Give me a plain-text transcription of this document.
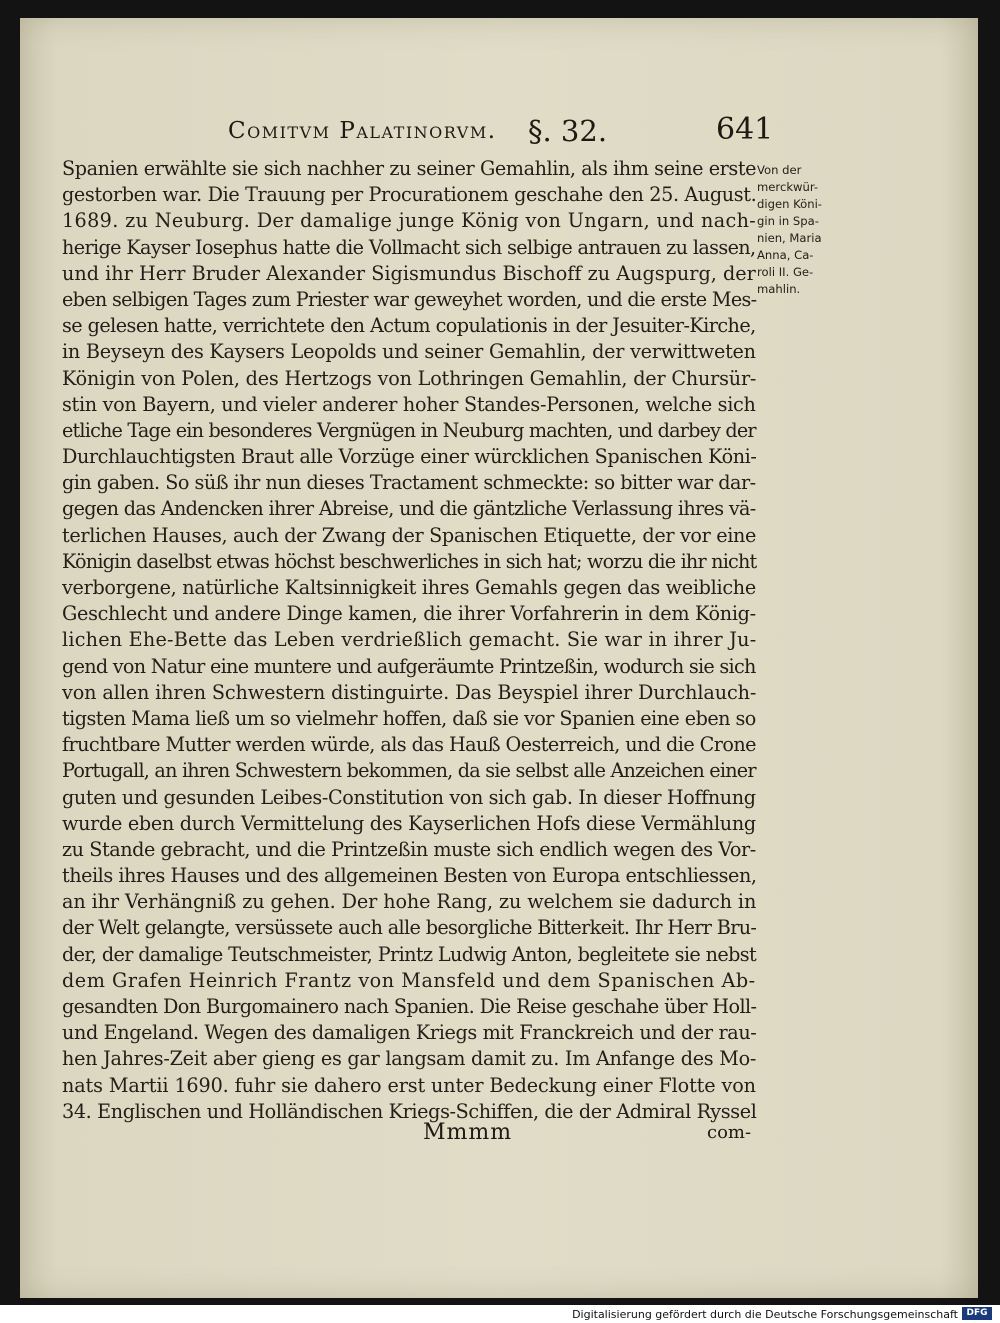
Comitvm Palatinorvm. §. 32.	641
Spanien erwählte sie sich nachher zu seiner Gemahlin, als ihm seine erste
gestorben war. Die Trauung per Procurationem geschahe den 25. August.
1689. zu Neuburg. Der damalige junge König von Ungarn, und nach-
herige Kayser Iosephus hatte die Vollmacht sich selbige antrauen zu lassen,
und ihr Herr Bruder Alexander Sigismundus Bischoff zu Augspurg, der
eben selbigen Tages zum Priester war geweyhet worden, und die erste Mes-
se gelesen hatte, verrichtete den Actum copulationis in der Jesuiter-Kirche,
in Beyseyn des Kaysers Leopolds und seiner Gemahlin, der verwittweten
Königin von Polen, des Hertzogs von Lothringen Gemahlin, der Chursür-
stin von Bayern, und vieler anderer hoher Standes-Personen, welche sich
etliche Tage ein besonderes Vergnügen in Neuburg machten, und darbey der
Durchlauchtigsten Braut alle Vorzüge einer würcklichen Spanischen Köni-
gin gaben. So süß ihr nun dieses Tractament schmeckte: so bitter war dar-
gegen das Andencken ihrer Abreise, und die gäntzliche Verlassung ihres vä-
terlichen Hauses, auch der Zwang der Spanischen Etiquette, der vor eine
Königin daselbst etwas höchst beschwerliches in sich hat; worzu die ihr nicht
verborgene, natürliche Kaltsinnigkeit ihres Gemahls gegen das weibliche
Geschlecht und andere Dinge kamen, die ihrer Vorfahrerin in dem König-
lichen Ehe-Bette das Leben verdrießlich gemacht. Sie war in ihrer Ju-
gend von Natur eine muntere und aufgeräumte Printzeßin, wodurch sie sich
von allen ihren Schwestern distinguirte. Das Beyspiel ihrer Durchlauch-
tigsten Mama ließ um so vielmehr hoffen, daß sie vor Spanien eine eben so
fruchtbare Mutter werden würde, als das Hauß Oesterreich, und die Crone
Portugall, an ihren Schwestern bekommen, da sie selbst alle Anzeichen einer
guten und gesunden Leibes-Constitution von sich gab. In dieser Hoffnung
wurde eben durch Vermittelung des Kayserlichen Hofs diese Vermählung
zu Stande gebracht, und die Printzeßin muste sich endlich wegen des Vor-
theils ihres Hauses und des allgemeinen Besten von Europa entschliessen,
an ihr Verhängniß zu gehen. Der hohe Rang, zu welchem sie dadurch in
der Welt gelangte, versüssete auch alle besorgliche Bitterkeit. Ihr Herr Bru-
der, der damalige Teutschmeister, Printz Ludwig Anton, begleitete sie nebst
dem Grafen Heinrich Frantz von Mansfeld und dem Spanischen Ab-
gesandten Don Burgomainero nach Spanien. Die Reise geschahe über Holl-
und Engeland. Wegen des damaligen Kriegs mit Franckreich und der rau-
hen Jahres-Zeit aber gieng es gar langsam damit zu. Im Anfange des Mo-
nats Martii 1690. fuhr sie dahero erst unter Bedeckung einer Flotte von
34. Englischen und Holländischen Kriegs-Schiffen, die der Admiral Ryssel
Von der
merckwür-
digen Köni-
gin in Spa-
nien, Maria
Anna, Ca-
roli II. Ge-
mahlin.
Mmmm	com-
Digitalisierung gefördert durch die Deutsche Forschungsgemeinschaft DFG
